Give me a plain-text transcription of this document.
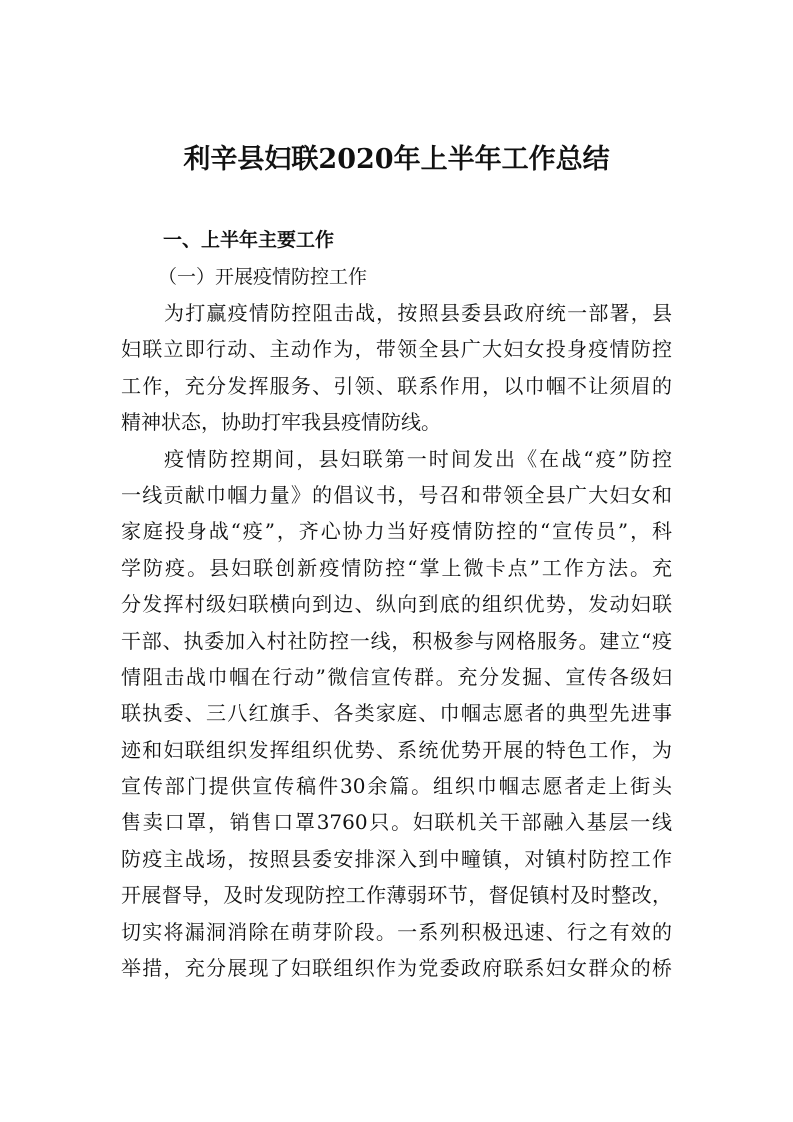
利辛县妇联2020年上半年工作总结
一、上半年主要工作
（一）开展疫情防控工作
为打赢疫情防控阻击战，按照县委县政府统一部署，县
妇联立即行动、主动作为，带领全县广大妇女投身疫情防控
工作，充分发挥服务、引领、联系作用，以巾帼不让须眉的
精神状态，协助打牢我县疫情防线。
疫情防控期间，县妇联第一时间发出《在战“疫”防控
一线贡献巾帼力量》的倡议书，号召和带领全县广大妇女和
家庭投身战“疫”，齐心协力当好疫情防控的“宣传员”，科
学防疫。县妇联创新疫情防控“掌上微卡点”工作方法。充
分发挥村级妇联横向到边、纵向到底的组织优势，发动妇联
干部、执委加入村社防控一线，积极参与网格服务。建立“疫
情阻击战巾帼在行动”微信宣传群。充分发掘、宣传各级妇
联执委、三八红旗手、各类家庭、巾帼志愿者的典型先进事
迹和妇联组织发挥组织优势、系统优势开展的特色工作，为
宣传部门提供宣传稿件30余篇。组织巾帼志愿者走上街头
售卖口罩，销售口罩3760只。妇联机关干部融入基层一线
防疫主战场，按照县委安排深入到中疃镇，对镇村防控工作
开展督导，及时发现防控工作薄弱环节，督促镇村及时整改，
切实将漏洞消除在萌芽阶段。一系列积极迅速、行之有效的
举措，充分展现了妇联组织作为党委政府联系妇女群众的桥
